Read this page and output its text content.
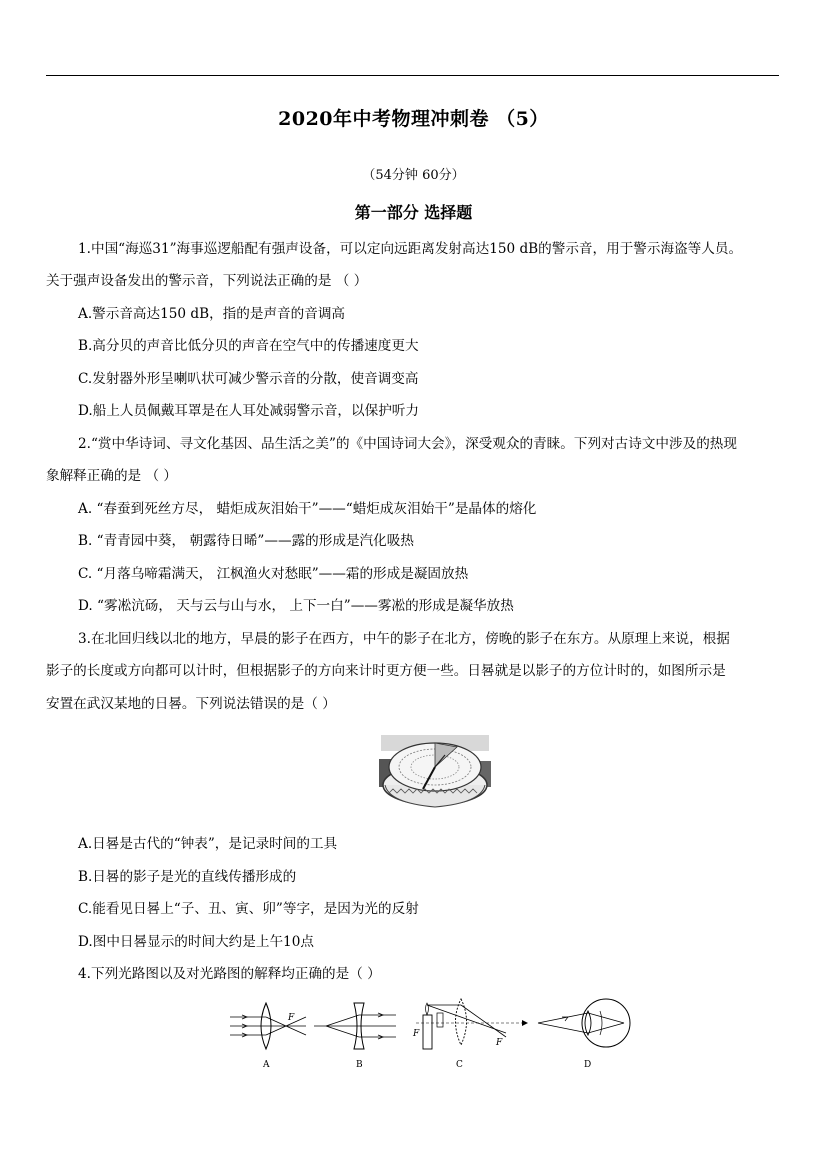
2020年中考物理冲刺卷 （5）
（54分钟 60分）
第一部分 选择题
1.中国“海巡31”海事巡逻船配有强声设备，可以定向远距离发射高达150 dB的警示音，用于警示海盗等人员。
关于强声设备发出的警示音，下列说法正确的是 （ ）
A.警示音高达150 dB，指的是声音的音调高
B.高分贝的声音比低分贝的声音在空气中的传播速度更大
C.发射器外形呈喇叭状可减少警示音的分散，使音调变高
D.船上人员佩戴耳罩是在人耳处减弱警示音，以保护听力
2.“赏中华诗词、寻文化基因、品生活之美”的《中国诗词大会》，深受观众的青睐。下列对古诗文中涉及的热现
象解释正确的是 （ ）
A. “春蚕到死丝方尽， 蜡炬成灰泪始干”——“蜡炬成灰泪始干”是晶体的熔化
B. “青青园中葵， 朝露待日晞”——露的形成是汽化吸热
C. “月落乌啼霜满天， 江枫渔火对愁眠”——霜的形成是凝固放热
D. “雾凇沆砀， 天与云与山与水， 上下一白”——雾凇的形成是凝华放热
3.在北回归线以北的地方，早晨的影子在西方，中午的影子在北方，傍晚的影子在东方。从原理上来说，根据
影子的长度或方向都可以计时，但根据影子的方向来计时更方便一些。日晷就是以影子的方位计时的，如图所示是
安置在武汉某地的日晷。下列说法错误的是（ ）
A.日晷是古代的“钟表”，是记录时间的工具
B.日晷的影子是光的直线传播形成的
C.能看见日晷上“子、丑、寅、卯”等字，是因为光的反射
D.图中日晷显示的时间大约是上午10点
4.下列光路图以及对光路图的解释均正确的是（ ）
F
A	B
F
F
C	D
